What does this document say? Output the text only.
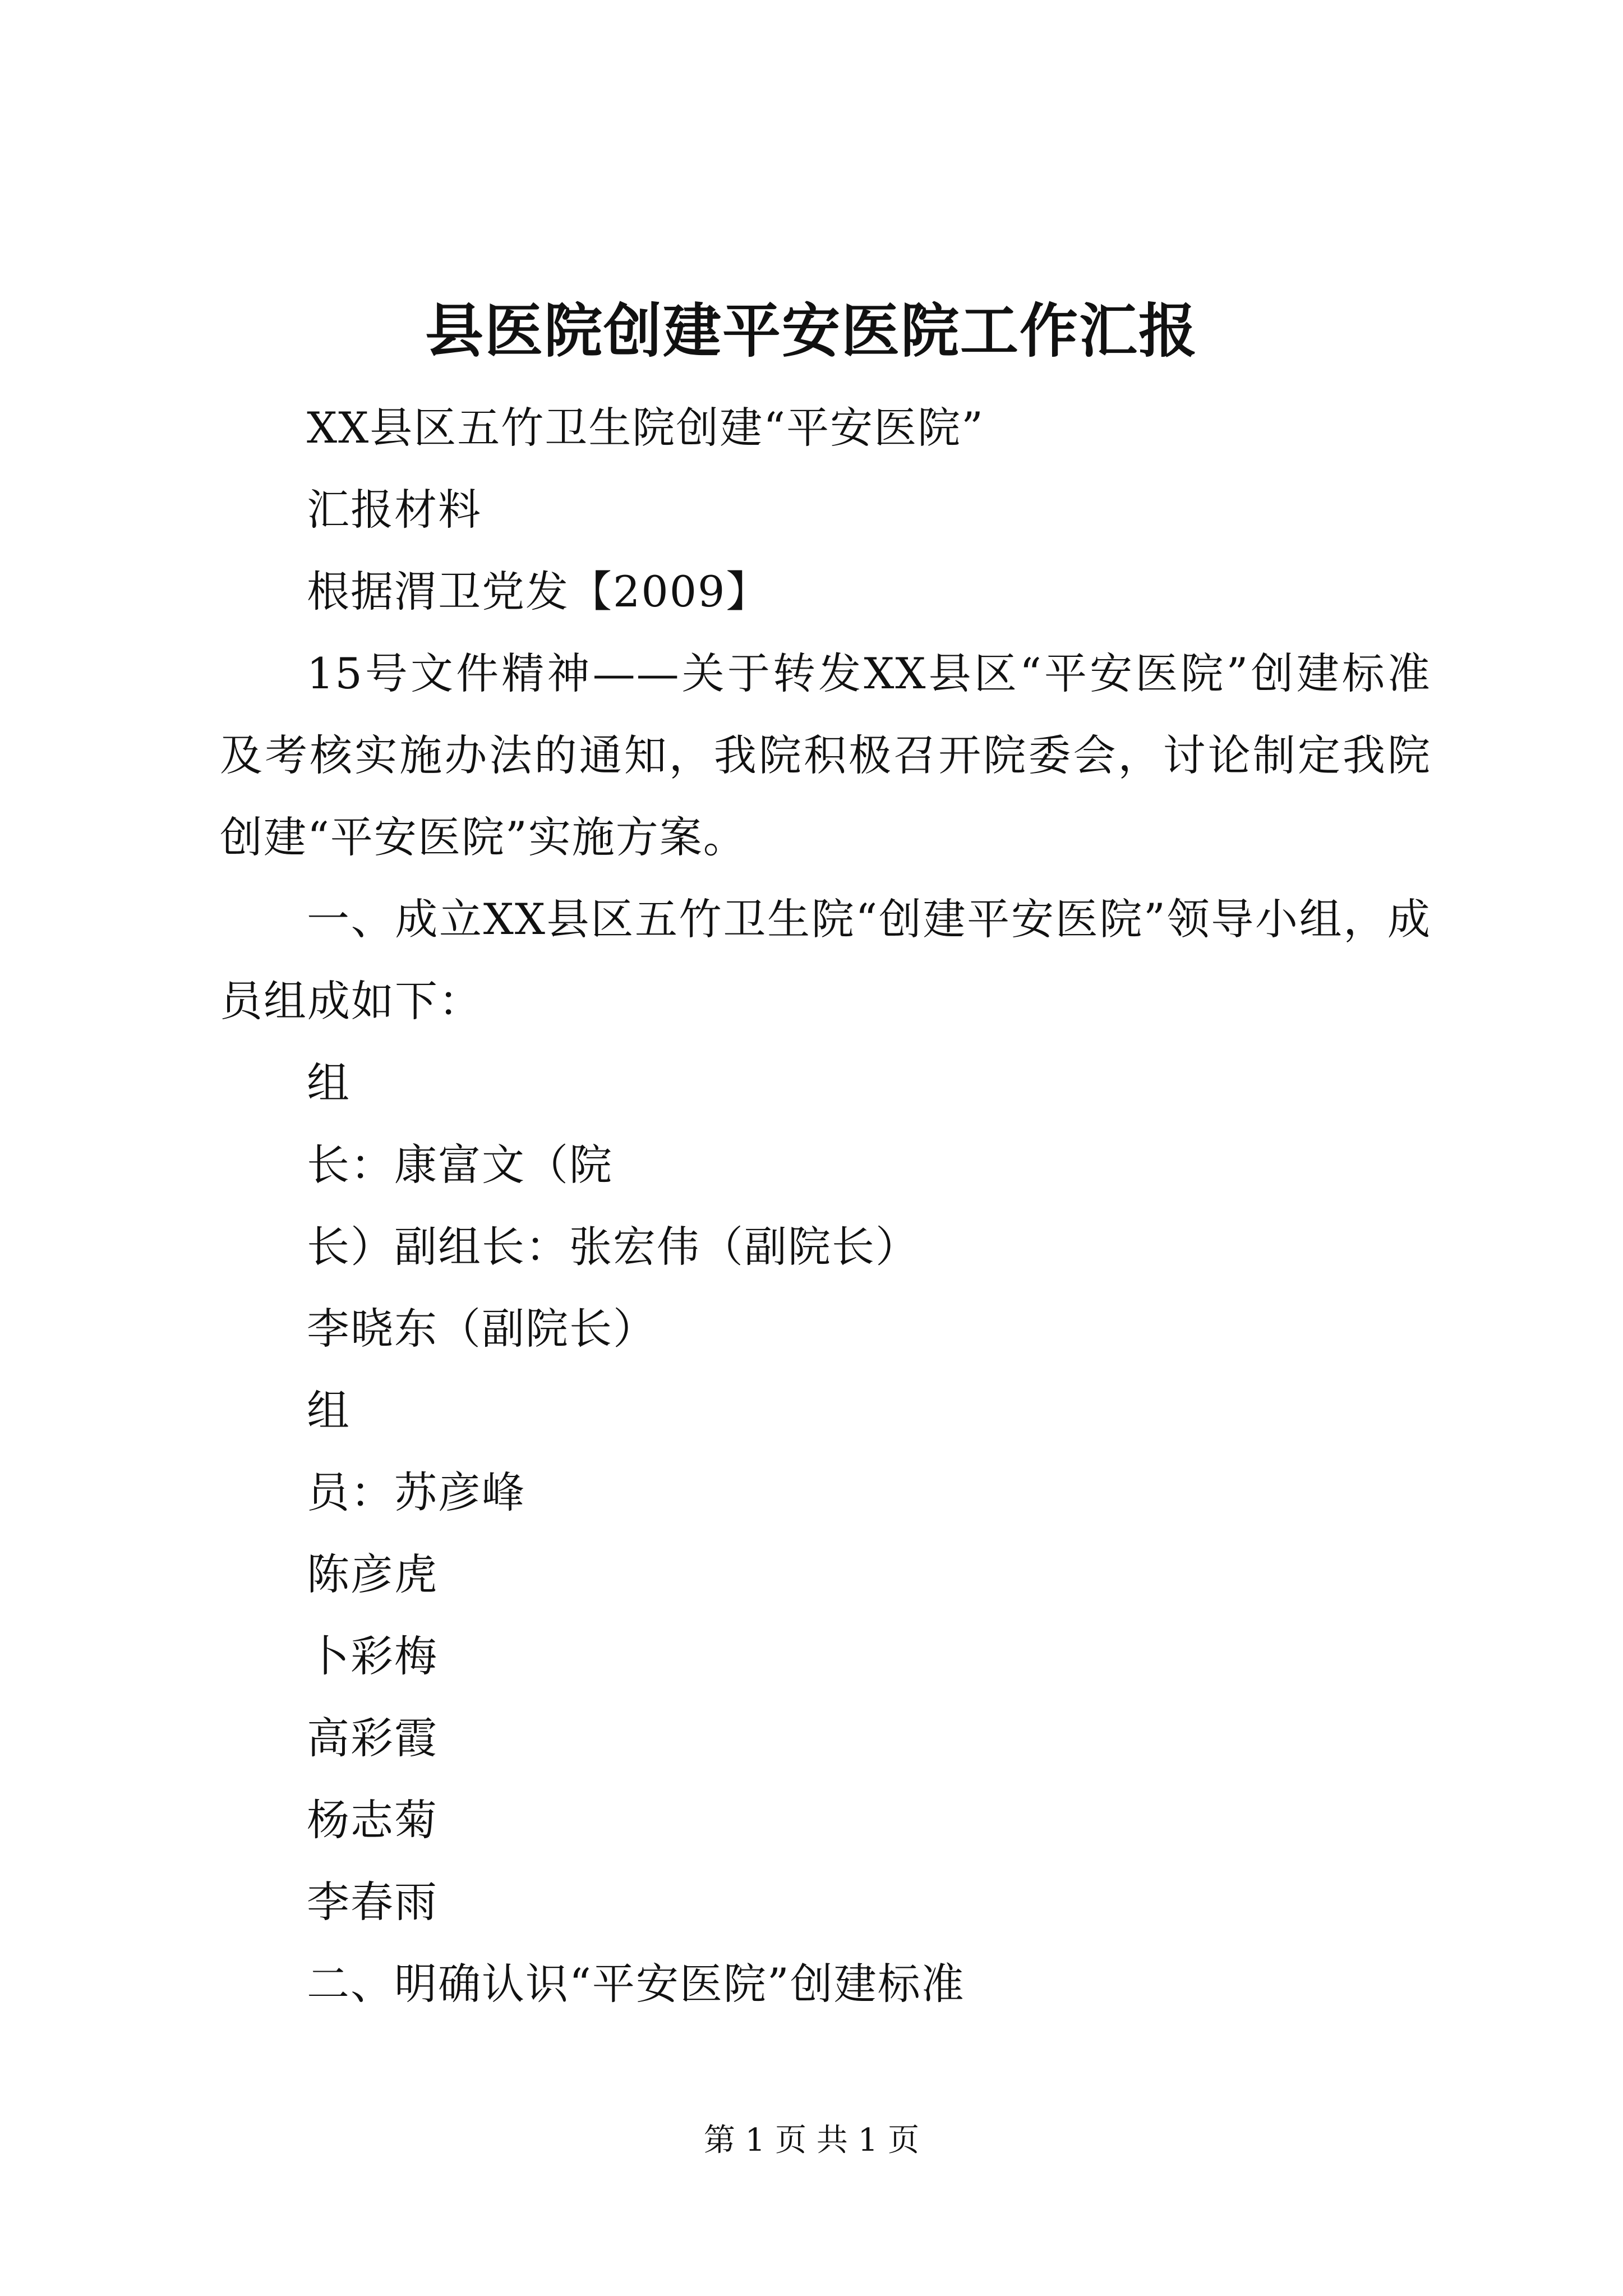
县医院创建平安医院工作汇报

XX县区五竹卫生院创建“平安医院”

汇报材料

根据渭卫党发【2009】

15号文件精神——关于转发XX县区“平安医院”创建标准及考核实施办法的通知，我院积极召开院委会，讨论制定我院创建“平安医院”实施方案。

一、成立XX县区五竹卫生院“创建平安医院”领导小组，成员组成如下：

组

长：康富文（院

长）副组长：张宏伟（副院长）

李晓东（副院长）

组

员：苏彦峰

陈彦虎

卜彩梅

高彩霞

杨志菊

李春雨

二、明确认识“平安医院”创建标准

第 1 页 共 1 页
